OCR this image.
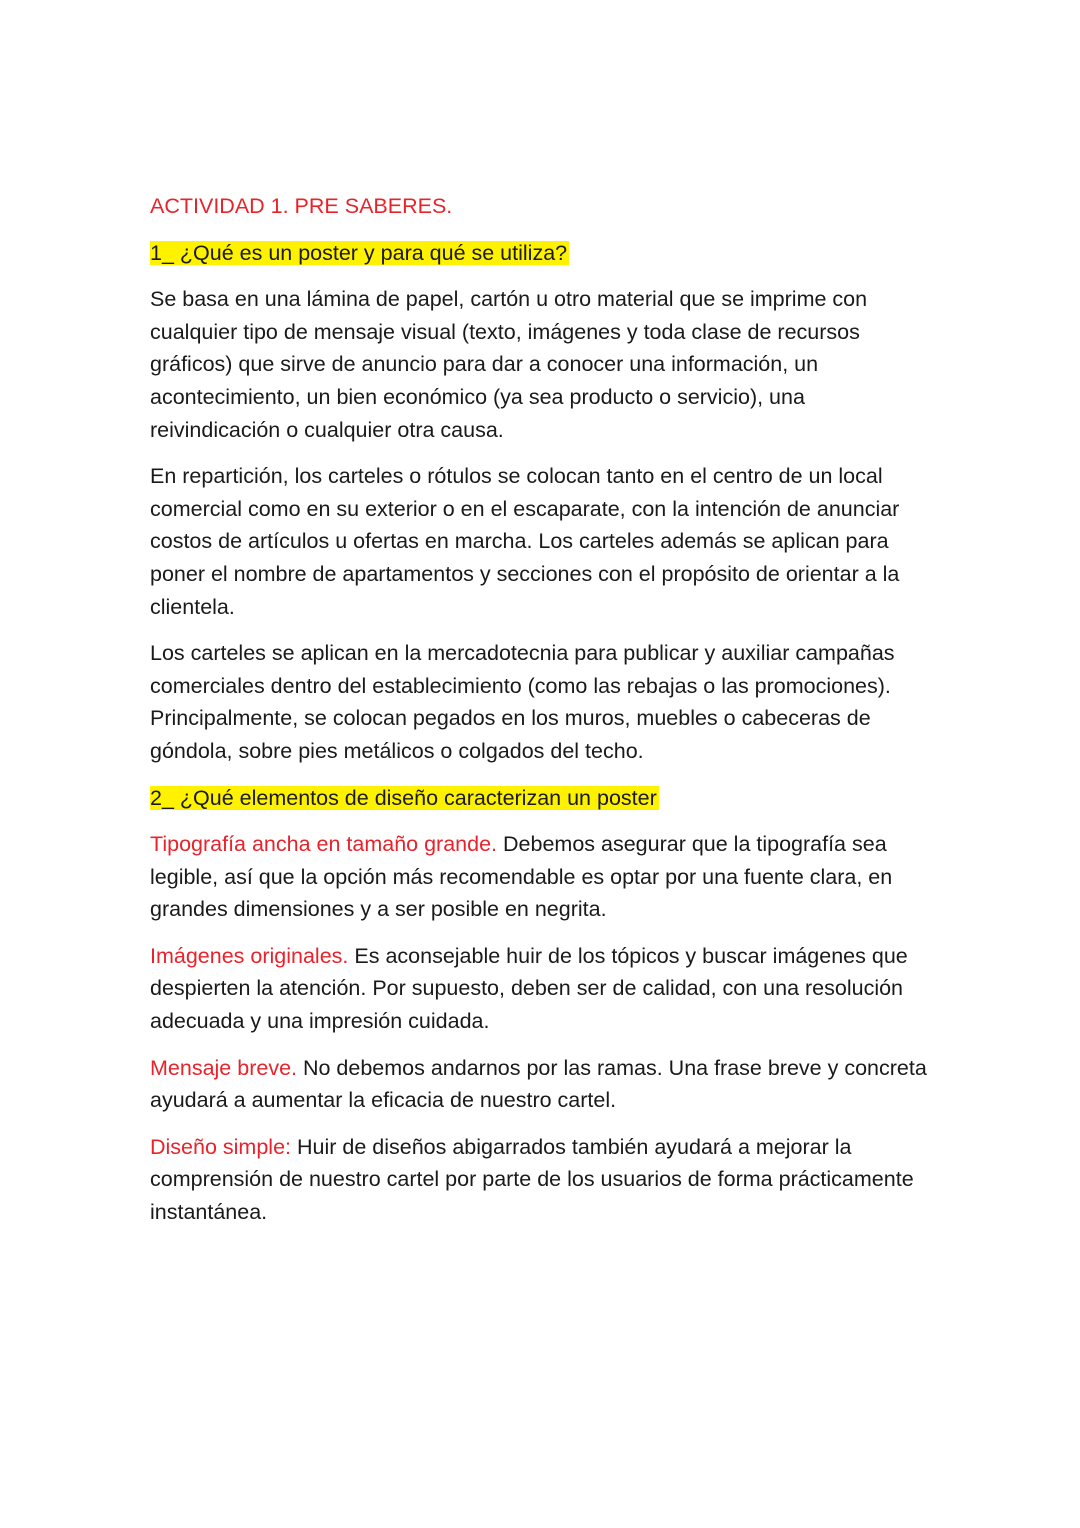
ACTIVIDAD 1. PRE SABERES.

1_ ¿Qué es un poster y para qué se utiliza?

Se basa en una lámina de papel, cartón u otro material que se imprime con cualquier tipo de mensaje visual (texto, imágenes y toda clase de recursos gráficos) que sirve de anuncio para dar a conocer una información, un acontecimiento, un bien económico (ya sea producto o servicio), una reivindicación o cualquier otra causa.

En repartición, los carteles o rótulos se colocan tanto en el centro de un local comercial como en su exterior o en el escaparate, con la intención de anunciar costos de artículos u ofertas en marcha. Los carteles además se aplican para poner el nombre de apartamentos y secciones con el propósito de orientar a la clientela.

Los carteles se aplican en la mercadotecnia para publicar y auxiliar campañas comerciales dentro del establecimiento (como las rebajas o las promociones). Principalmente, se colocan pegados en los muros, muebles o cabeceras de góndola, sobre pies metálicos o colgados del techo.

2_ ¿Qué elementos de diseño caracterizan un poster

Tipografía ancha en tamaño grande. Debemos asegurar que la tipografía sea legible, así que la opción más recomendable es optar por una fuente clara, en grandes dimensiones y a ser posible en negrita.

Imágenes originales. Es aconsejable huir de los tópicos y buscar imágenes que despierten la atención. Por supuesto, deben ser de calidad, con una resolución adecuada y una impresión cuidada.

Mensaje breve. No debemos andarnos por las ramas. Una frase breve y concreta ayudará a aumentar la eficacia de nuestro cartel.

Diseño simple: Huir de diseños abigarrados también ayudará a mejorar la comprensión de nuestro cartel por parte de los usuarios de forma prácticamente instantánea.
